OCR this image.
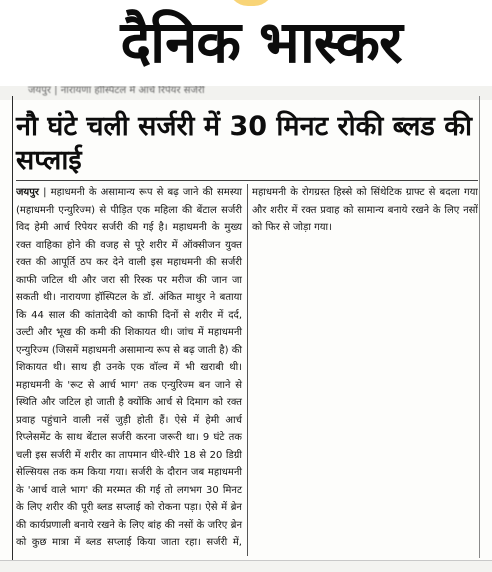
दैनिक भास्कर
जयपुर | नारायणा हॉस्पिटल में आर्च रिपेयर सर्जरी
नौ घंटे चली सर्जरी में 30 मिनट रोकी ब्लड की सप्लाई
जयपुर | महाधमनी के असामान्य रूप से बढ़ जाने की समस्या (महाधमनी एन्युरिज्म) से पीड़ित एक महिला की बेंटाल सर्जरी विद हेमी आर्च रिपेयर सर्जरी की गई है। महाधमनी के मुख्य रक्त वाहिका होने की वजह से पूरे शरीर में ऑक्सीजन युक्त रक्त की आपूर्ति ठप कर देने वाली इस महाधमनी की सर्जरी काफी जटिल थी और जरा सी रिस्क पर मरीज की जान जा सकती थी। नारायणा हॉस्पिटल के डॉ. अंकित माथुर ने बताया कि 44 साल की कांतादेवी को काफी दिनों से शरीर में दर्द, उल्टी और भूख की कमी की शिकायत थी। जांच में महाधमनी एन्युरिज्म (जिसमें महाधमनी असामान्य रूप से बढ़ जाती है) की शिकायत थी। साथ ही उनके एक वॉल्व में भी खराबी थी। महाधमनी के 'रूट से आर्च भाग' तक एन्युरिज्म बन जाने से स्थिति और जटिल हो जाती है क्योंकि आर्च से दिमाग को रक्त प्रवाह पहुंचाने वाली नसें जुड़ी होती हैं। ऐसे में हेमी आर्च रिप्लेसमेंट के साथ बेंटाल सर्जरी करना जरूरी था। 9 घंटे तक चली इस सर्जरी में शरीर का तापमान धीरे-धीरे 18 से 20 डिग्री सेल्सियस तक कम किया गया। सर्जरी के दौरान जब महाधमनी के 'आर्च वाले भाग' की मरम्मत की गई तो लगभग 30 मिनट के लिए शरीर की पूरी ब्लड सप्लाई को रोकना पड़ा। ऐसे में ब्रेन की कार्यप्रणाली बनाये रखने के लिए बांह की नसों के जरिए ब्रेन को कुछ मात्रा में ब्लड सप्लाई किया जाता रहा। सर्जरी में, महाधमनी के रोगग्रस्त हिस्से को सिंथेटिक ग्राफ्ट से बदला गया और शरीर में रक्त प्रवाह को सामान्य बनाये रखने के लिए नसों को फिर से जोड़ा गया।
